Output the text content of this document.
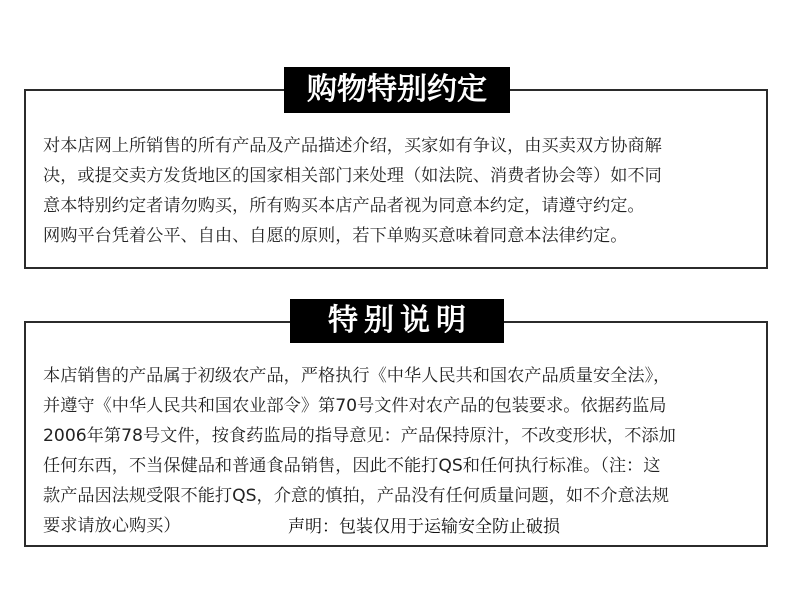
对本店网上所销售的所有产品及产品描述介绍，买家如有争议，由买卖双方协商解
决，或提交卖方发货地区的国家相关部门来处理（如法院、消费者协会等）如不同
意本特别约定者请勿购买，所有购买本店产品者视为同意本约定，请遵守约定。
网购平台凭着公平、自由、自愿的原则，若下单购买意味着同意本法律约定。
购物特别约定
本店销售的产品属于初级农产品，严格执行《中华人民共和国农产品质量安全法》，
并遵守《中华人民共和国农业部令》第70号文件对农产品的包装要求。依据药监局
2006年第78号文件，按食药监局的指导意见：产品保持原汁，不改变形状，不添加
任何东西，不当保健品和普通食品销售，因此不能打QS和任何执行标准。（注：这
款产品因法规受限不能打QS，介意的慎拍，产品没有任何质量问题，如不介意法规
要求请放心购买）	声明：包装仅用于运输安全防止破损
特别说明
